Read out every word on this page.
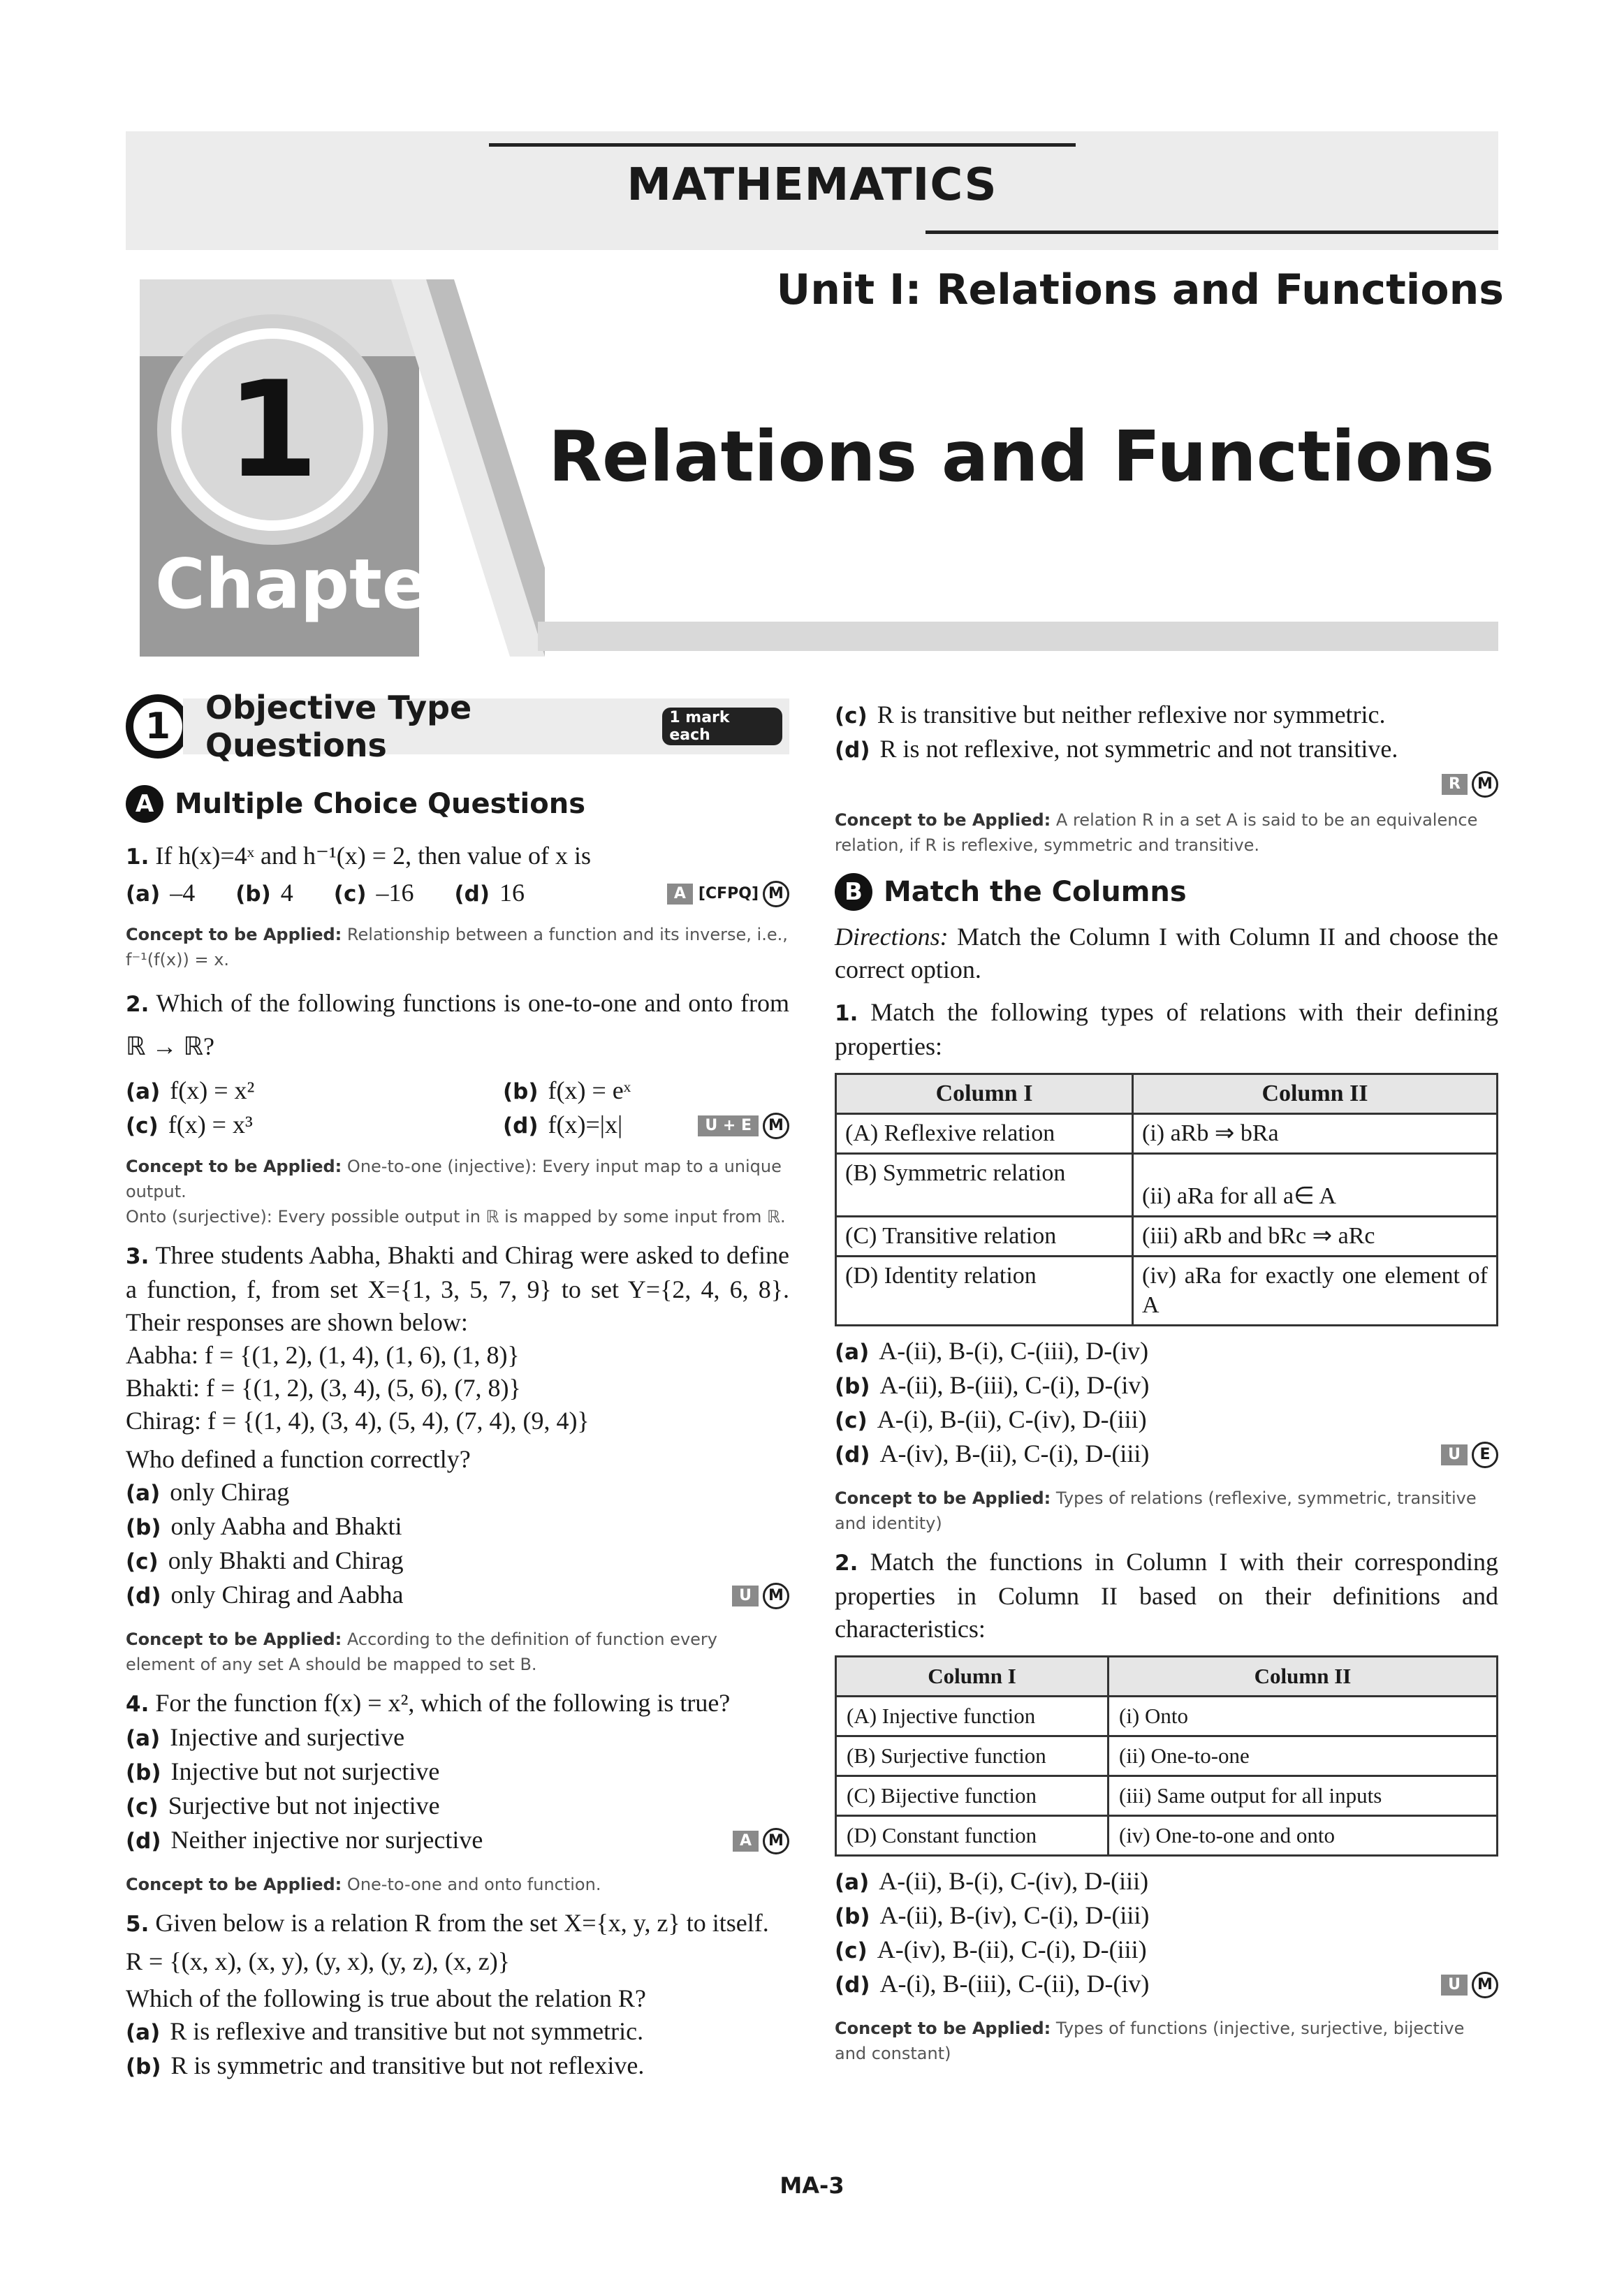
MATHEMATICS
Unit I: Relations and Functions
1
Chapter
Relations and Functions
1	Objective Type Questions
1 mark each
A Multiple Choice Questions
1. If h(x)=4ˣ and h⁻¹(x) = 2, then value of x is
(a) –4 (b) 4 (c) –16 (d) 16	A [CFPQ] M
Concept to be Applied: Relationship between a function and its inverse, i.e., f⁻¹(f(x)) = x.
2. Which of the following functions is one-to-one and onto from ℝ → ℝ?
(a) f(x) = x²	(b) f(x) = eˣ
(c) f(x) = x³	(d) f(x)=|x|	U + E	M
Concept to be Applied: One-to-one (injective): Every input map to a unique output.
Onto (surjective): Every possible output in ℝ is mapped by some input from ℝ.
3. Three students Aabha, Bhakti and Chirag were asked to define a function, f, from set X={1, 3, 5, 7, 9} to set Y={2, 4, 6, 8}. Their responses are shown below:
Aabha: f = {(1, 2), (1, 4), (1, 6), (1, 8)}
Bhakti: f = {(1, 2), (3, 4), (5, 6), (7, 8)}
Chirag: f = {(1, 4), (3, 4), (5, 4), (7, 4), (9, 4)}
Who defined a function correctly?
(a) only Chirag
(b) only Aabha and Bhakti
(c) only Bhakti and Chirag
(d) only Chirag and Aabha	U	M
Concept to be Applied: According to the definition of function every element of any set A should be mapped to set B.
4. For the function f(x) = x², which of the following is true?
(a) Injective and surjective
(b) Injective but not surjective
(c) Surjective but not injective
(d) Neither injective nor surjective	A	M
Concept to be Applied: One-to-one and onto function.
5. Given below is a relation R from the set X={x, y, z} to itself.
R = {(x, x), (x, y), (y, x), (y, z), (x, z)}
Which of the following is true about the relation R?
(a) R is reflexive and transitive but not symmetric.
(b) R is symmetric and transitive but not reflexive.
(c) R is transitive but neither reflexive nor symmetric.
(d) R is not reflexive, not symmetric and not transitive.
R	M
Concept to be Applied: A relation R in a set A is said to be an equivalence relation, if R is reflexive, symmetric and transitive.
B Match the Columns
Directions: Match the Column I with Column II and choose the correct option.
1. Match the following types of relations with their defining properties:
Column I	Column II
(A) Reflexive relation	(i) aRb ⇒ bRa
(B) Symmetric relation	(ii) aRa for all a∈ A
(C) Transitive relation	(iii) aRb and bRc ⇒ aRc
(D) Identity relation	(iv) aRa for exactly one element of A
(a) A-(ii), B-(i), C-(iii), D-(iv)
(b) A-(ii), B-(iii), C-(i), D-(iv)
(c) A-(i), B-(ii), C-(iv), D-(iii)
(d) A-(iv), B-(ii), C-(i), D-(iii)	U	E
Concept to be Applied: Types of relations (reflexive, symmetric, transitive and identity)
2. Match the functions in Column I with their corresponding properties in Column II based on their definitions and characteristics:
Column I	Column II
(A) Injective function	(i) Onto
(B) Surjective function	(ii) One-to-one
(C) Bijective function	(iii) Same output for all inputs
(D) Constant function	(iv) One-to-one and onto
(a) A-(ii), B-(i), C-(iv), D-(iii)
(b) A-(ii), B-(iv), C-(i), D-(iii)
(c) A-(iv), B-(ii), C-(i), D-(iii)
(d) A-(i), B-(iii), C-(ii), D-(iv)	U	M
Concept to be Applied: Types of functions (injective, surjective, bijective and constant)
MA-3
